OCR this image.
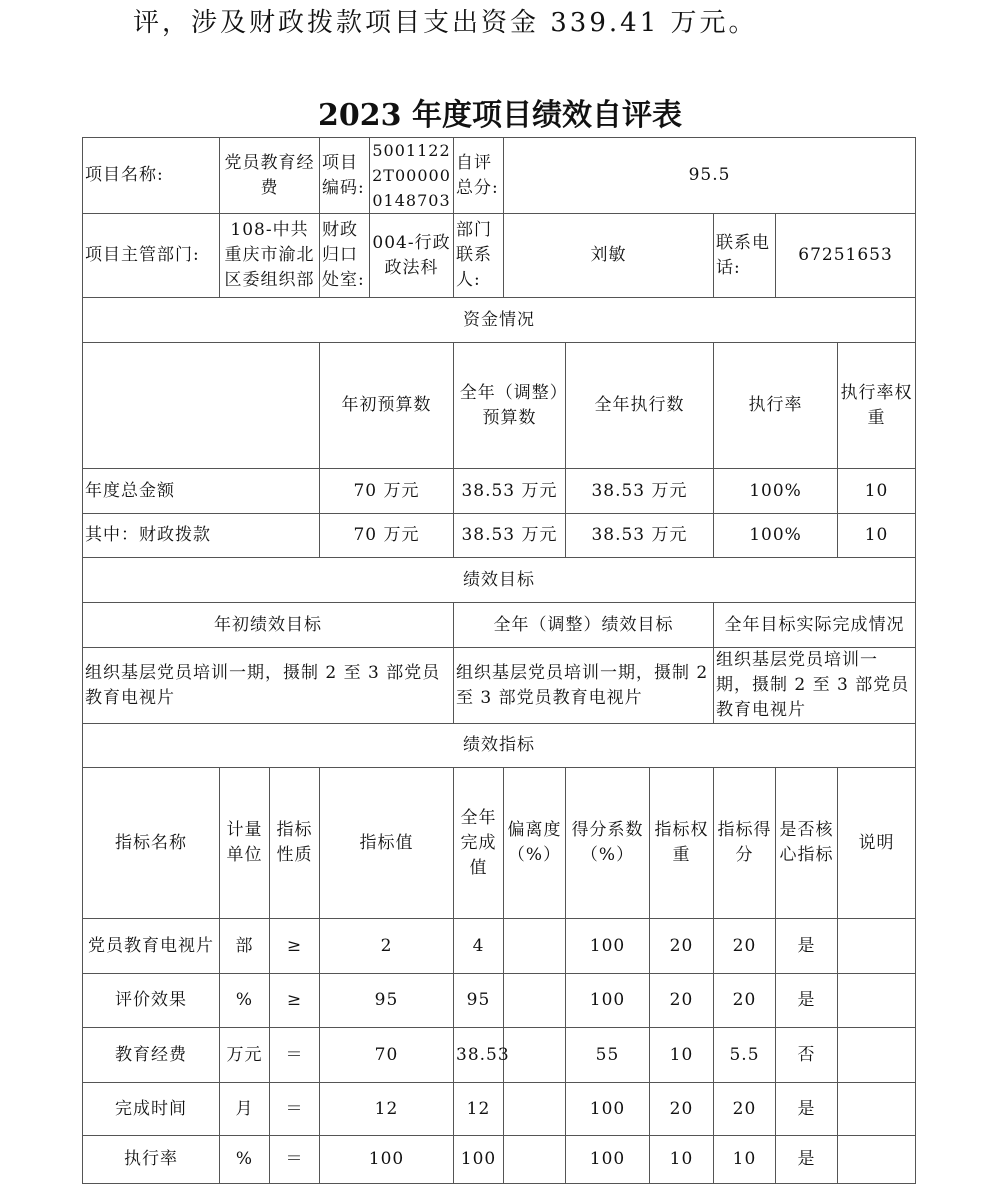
评，涉及财政拨款项目支出资金 339.41 万元。
2023 年度项目绩效自评表
项目名称:	党员教育经费		项目编码:	50011222T000000148703	自评总分:	95.5						
项目主管部门:	108-中共重庆市渝北区委组织部		财政归口处室:	004-行政政法科	部门联系人:	刘敏			联系电话:	67251653		
资金情况												
			年初预算数		全年（调整）预算数		全年执行数		执行率		执行率权重	
年度总金额			70 万元		38.53 万元		38.53 万元		100%		10	
其中：财政拨款			70 万元		38.53 万元		38.53 万元		100%		10	
绩效目标												
年初绩效目标					全年（调整）绩效目标				全年目标实际完成情况			
组织基层党员培训一期，摄制 2 至 3 部党员教育电视片					组织基层党员培训一期，摄制 2 至 3 部党员教育电视片				组织基层党员培训一期，摄制 2 至 3 部党员教育电视片			
绩效指标												
指标名称	计量单位	指标性质	指标值		全年完成值	偏离度（%）	得分系数（%）	指标权重	指标得分	是否核心指标	说明	
党员教育电视片	部	≥	2		4		100	20	20	是		
评价效果	%	≥	95		95		100	20	20	是		
教育经费	万元	＝	70		38.53		55	10	5.5	否		
完成时间	月	＝	12		12		100	20	20	是		
执行率	%	＝	100		100		100	10	10	是		
